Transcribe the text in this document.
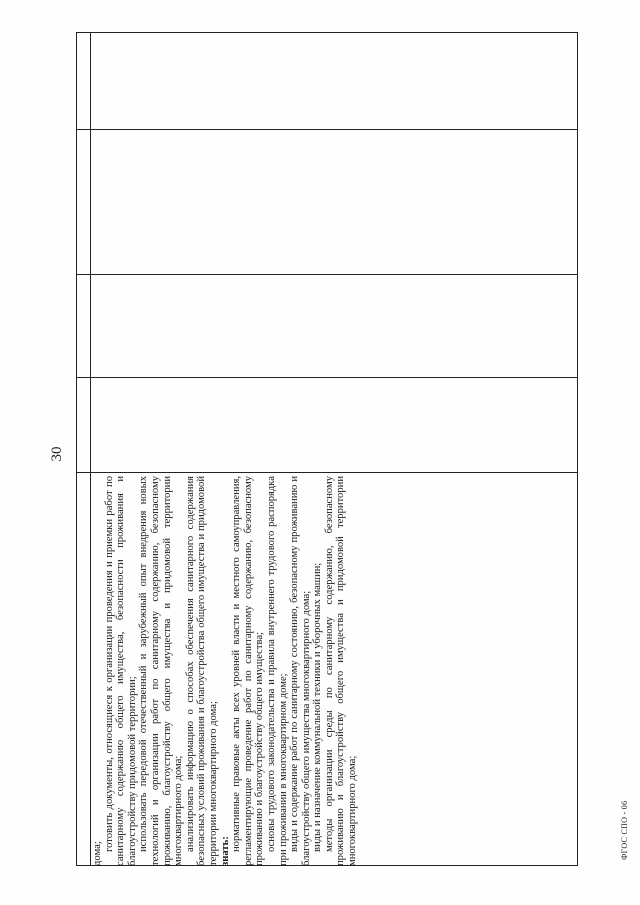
30

дома;

готовить документы, относящиеся к организации проведения и приемки работ по санитарному содержанию общего имущества, безопасности проживания и благоустройству придомовой территории; использовать передовой отечественный и зарубежный опыт внедрения новых технологий и организации работ по санитарному содержанию, безопасному проживанию, благоустройству общего имущества и придомовой территории многоквартирного дома; анализировать информацию о способах обеспечения санитарного содержания безопасных условий проживания и благоустройства общего имущества и придомовой территории многоквартирного дома; знать: нормативные правовые акты всех уровней власти и местного самоуправления, регламентирующие проведение работ по санитарному содержанию, безопасному проживанию и благоустройству общего имущества; основы трудового законодательства и правила внутреннего трудового распорядка при проживании в многоквартирном доме; виды и содержание работ по санитарному состоянию, безопасному проживанию и благоустройству общего имущества многоквартирного дома; виды и назначение коммунальной техники и уборочных машин; методы организации среды по санитарному содержанию, безопасному проживанию и благоустройству общего имущества и придомовой территории многоквартирного дома;	ФГОС СПО - 06
